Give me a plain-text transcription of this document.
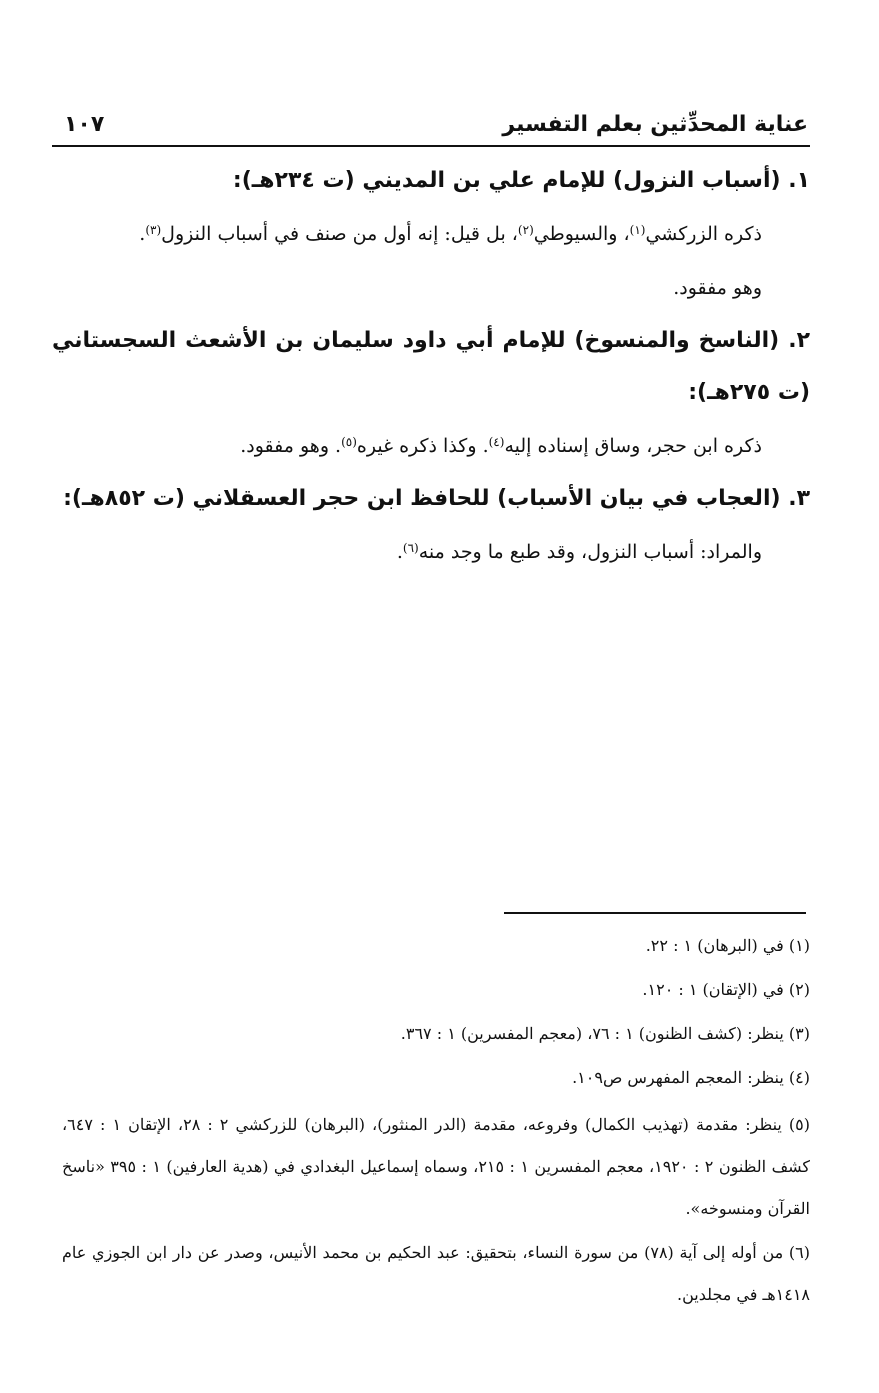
عناية المحدِّثين بعلم التفسير
١٠٧

١. (أسباب النزول) للإمام علي بن المديني (ت ٢٣٤هـ):

ذكره الزركشي$^{(١)}$، والسيوطي$^{(٢)}$، بل قيل: إنه أول من صنف في أسباب النزول$^{(٣)}$.

وهو مفقود.

٢. (الناسخ والمنسوخ) للإمام أبي داود سليمان بن الأشعث السجستاني (ت ٢٧٥هـ):

ذكره ابن حجر، وساق إسناده إليه$^{(٤)}$. وكذا ذكره غيره$^{(٥)}$. وهو مفقود.

٣. (العجاب في بيان الأسباب) للحافظ ابن حجر العسقلاني (ت ٨٥٢هـ):

والمراد: أسباب النزول، وقد طبع ما وجد منه$^{(٦)}$.

(١) في (البرهان) ١ : ٢٢.

(٢) في (الإتقان) ١ : ١٢٠.

(٣) ينظر: (كشف الظنون) ١ : ٧٦، (معجم المفسرين) ١ : ٣٦٧.

(٤) ينظر: المعجم المفهرس ص١٠٩.

(٥) ينظر: مقدمة (تهذيب الكمال) وفروعه، مقدمة (الدر المنثور)، (البرهان) للزركشي ٢ : ٢٨، الإتقان ١ : ٦٤٧، كشف الظنون ٢ : ١٩٢٠، معجم المفسرين ١ : ٢١٥، وسماه إسماعيل البغدادي في (هدية العارفين) ١ : ٣٩٥ «ناسخ القرآن ومنسوخه».

(٦) من أوله إلى آية (٧٨) من سورة النساء، بتحقيق: عبد الحكيم بن محمد الأنيس، وصدر عن دار ابن الجوزي عام ١٤١٨هـ في مجلدين.
